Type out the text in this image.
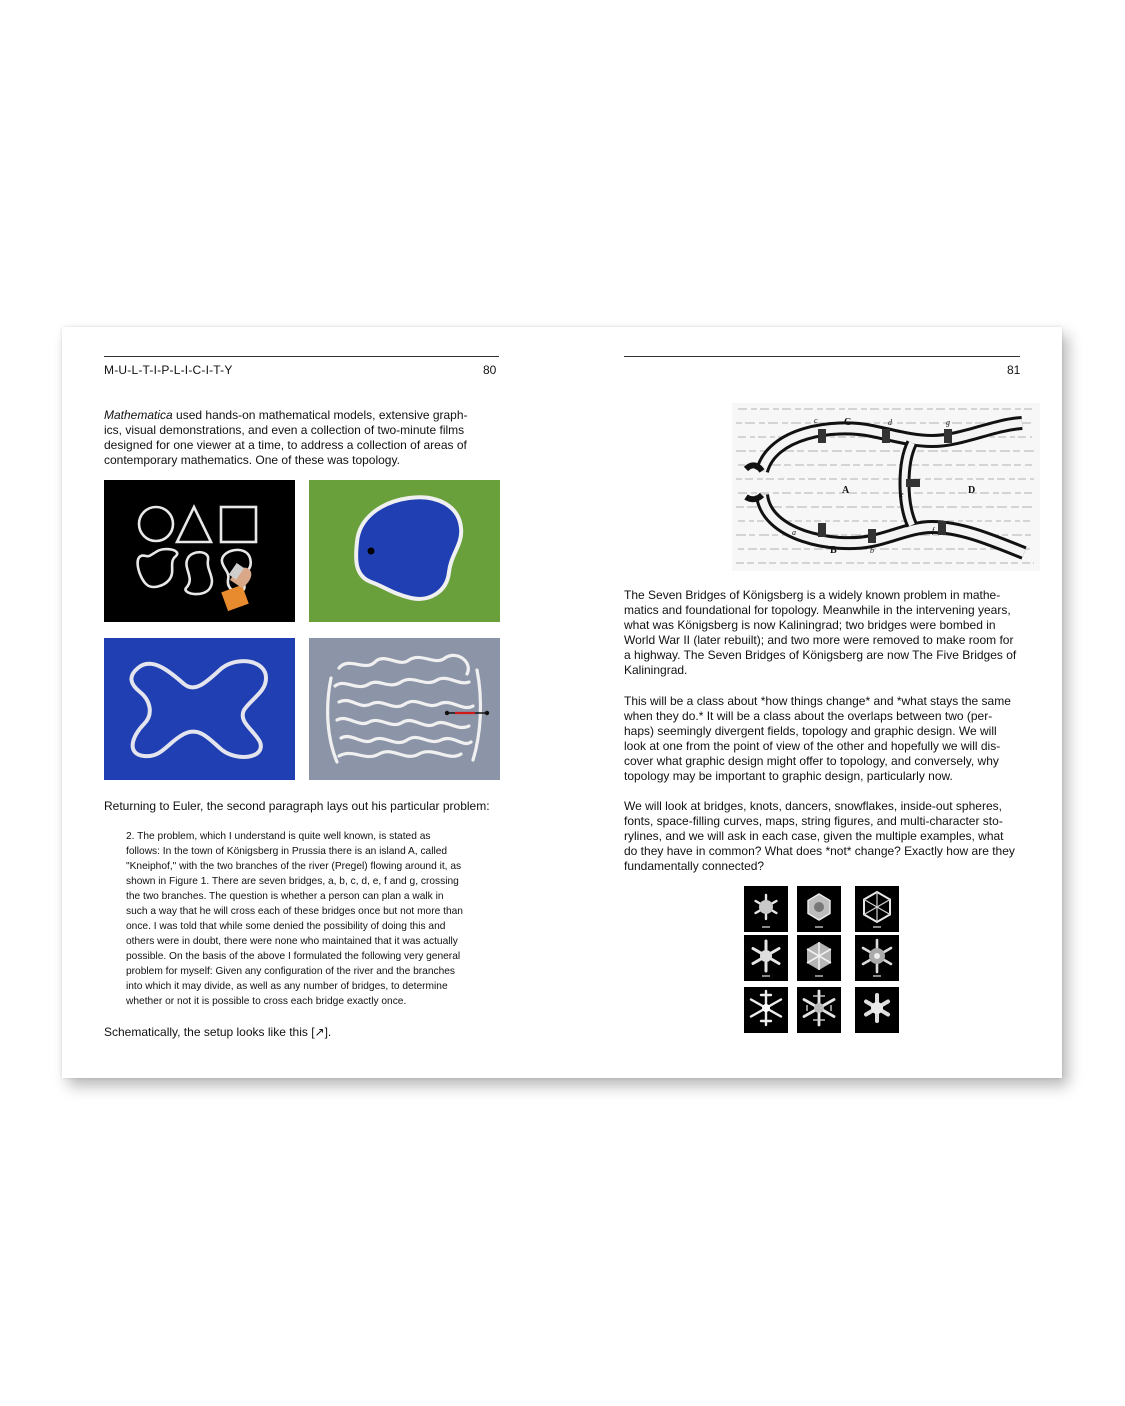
M-U-L-T-I-P-L-I-C-I-T-Y	80

Mathematica used hands-on mathematical models, extensive graph-
ics, visual demonstrations, and even a collection of two-minute films
designed for one viewer at a time, to address a collection of areas of
contemporary mathematics. One of these was topology.

Returning to Euler, the second paragraph lays out his particular problem:

2. The problem, which I understand is quite well known, is stated as
follows: In the town of Königsberg in Prussia there is an island A, called
"Kneiphof," with the two branches of the river (Pregel) flowing around it, as
shown in Figure 1. There are seven bridges, a, b, c, d, e, f and g, crossing
the two branches. The question is whether a person can plan a walk in
such a way that he will cross each of these bridges once but not more than
once. I was told that while some denied the possibility of doing this and
others were in doubt, there were none who maintained that it was actually
possible. On the basis of the above I formulated the following very general
problem for myself: Given any configuration of the river and the branches
into which it may divide, as well as any number of bridges, to determine
whether or not it is possible to cross each bridge exactly once.

Schematically, the setup looks like this [↗].

81
C
A
B
D
a
b
c	d
e
f
g

The Seven Bridges of Königsberg is a widely known problem in mathe-
matics and foundational for topology. Meanwhile in the intervening years,
what was Königsberg is now Kaliningrad; two bridges were bombed in
World War II (later rebuilt); and two more were removed to make room for
a highway. The Seven Bridges of Königsberg are now The Five Bridges of
Kaliningrad.

This will be a class about *how things change* and *what stays the same
when they do.* It will be a class about the overlaps between two (per-
haps) seemingly divergent fields, topology and graphic design. We will
look at one from the point of view of the other and hopefully we will dis-
cover what graphic design might offer to topology, and conversely, why
topology may be important to graphic design, particularly now.

We will look at bridges, knots, dancers, snowflakes, inside-out spheres,
fonts, space-filling curves, maps, string figures, and multi-character sto-
rylines, and we will ask in each case, given the multiple examples, what
do they have in common? What does *not* change? Exactly how are they
fundamentally connected?
